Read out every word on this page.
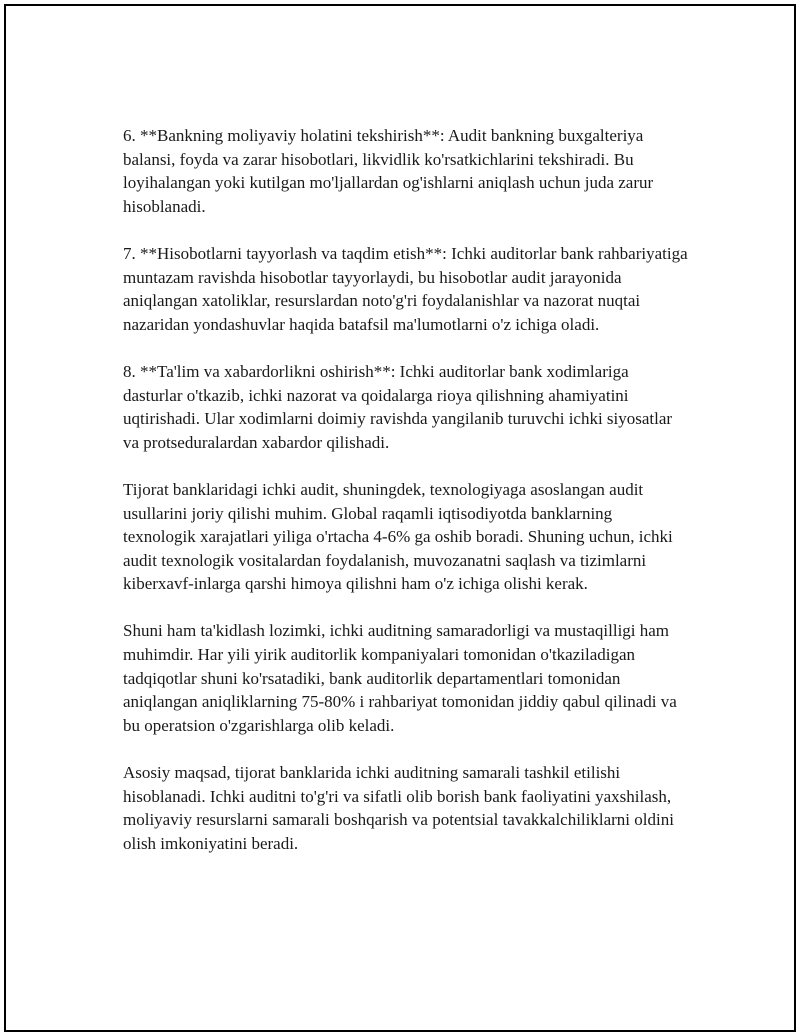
6. **Bankning moliyaviy holatini tekshirish**: Audit bankning buxgalteriya balansi, foyda va zarar hisobotlari, likvidlik ko'rsatkichlarini tekshiradi. Bu loyihalangan yoki kutilgan mo'ljallardan og'ishlarni aniqlash uchun juda zarur hisoblanadi.

7. **Hisobotlarni tayyorlash va taqdim etish**: Ichki auditorlar bank rahbariyatiga muntazam ravishda hisobotlar tayyorlaydi, bu hisobotlar audit jarayonida aniqlangan xatoliklar, resurslardan noto'g'ri foydalanishlar va nazorat nuqtai nazaridan yondashuvlar haqida batafsil ma'lumotlarni o'z ichiga oladi.

8. **Ta'lim va xabardorlikni oshirish**: Ichki auditorlar bank xodimlariga dasturlar o'tkazib, ichki nazorat va qoidalarga rioya qilishning ahamiyatini uqtirishadi. Ular xodimlarni doimiy ravishda yangilanib turuvchi ichki siyosatlar va protseduralardan xabardor qilishadi.

Tijorat banklaridagi ichki audit, shuningdek, texnologiyaga asoslangan audit usullarini joriy qilishi muhim. Global raqamli iqtisodiyotda banklarning texnologik xarajatlari yiliga o'rtacha 4-6% ga oshib boradi. Shuning uchun, ichki audit texnologik vositalardan foydalanish, muvozanatni saqlash va tizimlarni kiberxavf-inlarga qarshi himoya qilishni ham o'z ichiga olishi kerak.

Shuni ham ta'kidlash lozimki, ichki auditning samaradorligi va mustaqilligi ham muhimdir. Har yili yirik auditorlik kompaniyalari tomonidan o'tkaziladigan tadqiqotlar shuni ko'rsatadiki, bank auditorlik departamentlari tomonidan aniqlangan aniqliklarning 75-80% i rahbariyat tomonidan jiddiy qabul qilinadi va bu operatsion o'zgarishlarga olib keladi.

Asosiy maqsad, tijorat banklarida ichki auditning samarali tashkil etilishi hisoblanadi. Ichki auditni to'g'ri va sifatli olib borish bank faoliyatini yaxshilash, moliyaviy resurslarni samarali boshqarish va potentsial tavakkalchiliklarni oldini olish imkoniyatini beradi.
